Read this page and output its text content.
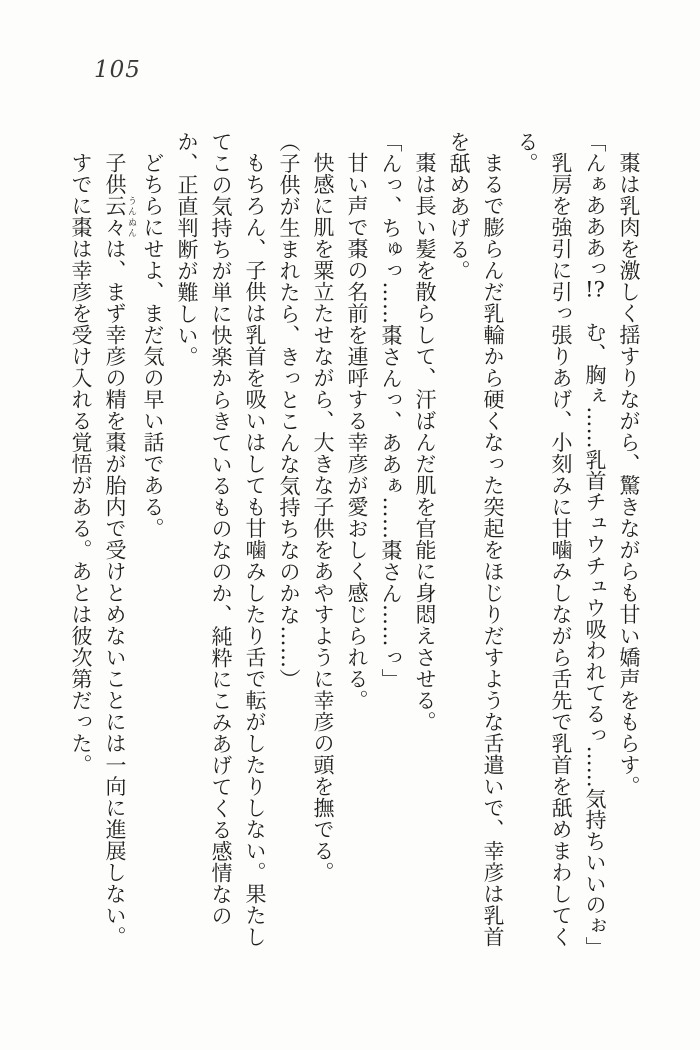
105

棗は乳肉を激しく揺すりながら、驚きながらも甘い嬌声をもらす。

「んぁあああっ!?　む、胸ぇ……乳首チュウチュウ吸われてるっ……気持ちいいのぉ」

乳房を強引に引っ張りあげ、小刻みに甘噛みしながら舌先で乳首を舐めまわしてくる。

まるで膨らんだ乳輪から硬くなった突起をほじりだすような舌遣いで、幸彦は乳首を舐めあげる。

棗は長い髪を散らして、汗ばんだ肌を官能に身悶えさせる。

「んっ、ちゅっ……棗さんっ、ああぁ……棗さん……っ」

甘い声で棗の名前を連呼する幸彦が愛おしく感じられる。

快感に肌を粟立たせながら、大きな子供をあやすように幸彦の頭を撫でる。

（子供が生まれたら、きっとこんな気持ちなのかな……）

もちろん、子供は乳首を吸いはしても甘噛みしたり舌で転がしたりしない。果たしてこの気持ちが単に快楽からきているものなのか、純粋にこみあげてくる感情なのか、正直判断が難しい。

どちらにせよ、まだ気の早い話である。

子供云々 うんぬんは、まず幸彦の精を棗が胎内で受けとめないことには一向に進展しない。

すでに棗は幸彦を受け入れる覚悟がある。あとは彼次第だった。
